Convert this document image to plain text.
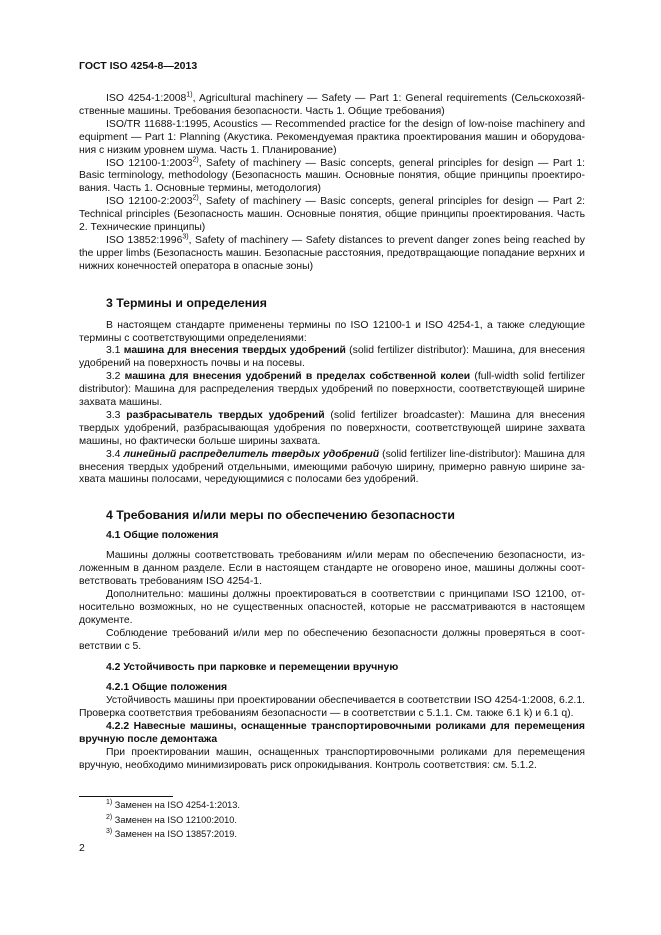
ГОСТ ISO 4254-8—2013

ISO 4254-1:2008$^{1)}$, Agricultural machinery — Safety — Part 1: General requirements (Сельскохозяйственные машины. Требования безопасности. Часть 1. Общие требования)

ISO/TR 11688-1:1995, Acoustics — Recommended practice for the design of low-noise machinery and equipment — Part 1: Planning (Акустика. Рекомендуемая практика проектирования машин и оборудования с низким уровнем шума. Часть 1. Планирование)

ISO 12100-1:2003$^{2)}$, Safety of machinery — Basic concepts, general principles for design — Part 1: Basic terminology, methodology (Безопасность машин. Основные понятия, общие принципы проектирования. Часть 1. Основные термины, методология)

ISO 12100-2:2003$^{2)}$, Safety of machinery — Basic concepts, general principles for design — Part 2: Technical principles (Безопасность машин. Основные понятия, общие принципы проектирования. Часть 2. Технические принципы)

ISO 13852:1996$^{3)}$, Safety of machinery — Safety distances to prevent danger zones being reached by the upper limbs (Безопасность машин. Безопасные расстояния, предотвращающие попадание верхних и нижних конечностей оператора в опасные зоны)

3 Термины и определения

В настоящем стандарте применены термины по ISO 12100-1 и ISO 4254-1, а также следующие термины с соответствующими определениями:

3.1 машина для внесения твердых удобрений (solid fertilizer distributor): Машина, для внесения удобрений на поверхность почвы и на посевы.

3.2 машина для внесения удобрений в пределах собственной колеи (full-width solid fertilizer distributor): Машина для распределения твердых удобрений по поверхности, соответствующей ширине захвата машины.

3.3 разбрасыватель твердых удобрений (solid fertilizer broadcaster): Машина для внесения твердых удобрений, разбрасывающая удобрения по поверхности, соответствующей ширине захвата машины, но фактически больше ширины захвата.

3.4 линейный распределитель твердых удобрений (solid fertilizer line-distributor): Машина для внесения твердых удобрений отдельными, имеющими рабочую ширину, примерно равную ширине захвата машины полосами, чередующимися с полосами без удобрений.

4 Требования и/или меры по обеспечению безопасности
4.1 Общие положения

Машины должны соответствовать требованиям и/или мерам по обеспечению безопасности, изложенным в данном разделе. Если в настоящем стандарте не оговорено иное, машины должны соответствовать требованиям ISO 4254-1.

Дополнительно: машины должны проектироваться в соответствии с принципами ISO 12100, относительно возможных, но не существенных опасностей, которые не рассматриваются в настоящем документе.

Соблюдение требований и/или мер по обеспечению безопасности должны проверяться в соответствии с 5.

4.2 Устойчивость при парковке и перемещении вручную
4.2.1 Общие положения

Устойчивость машины при проектировании обеспечивается в соответствии ISO 4254-1:2008, 6.2.1. Проверка соответствия требованиям безопасности — в соответствии с 5.1.1. См. также 6.1 k) и 6.1 q).

4.2.2 Навесные машины, оснащенные транспортировочными роликами для перемещения вручную после демонтажа

При проектировании машин, оснащенных транспортировочными роликами для перемещения вручную, необходимо минимизировать риск опрокидывания. Контроль соответствия: см. 5.1.2.

$^{1)}$ Заменен на ISO 4254-1:2013.
$^{2)}$ Заменен на ISO 12100:2010.
$^{3)}$ Заменен на ISO 13857:2019.
2
